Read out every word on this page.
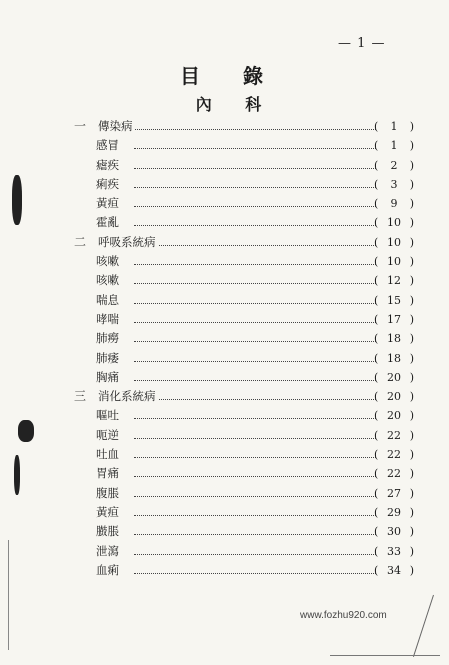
— 1 —
目 錄
內 科
一	傳染病	( 1 )
感冒	( 1 )
瘧疾	( 2 )
痢疾	( 3 )
黃疸	( 9 )
霍亂	( 10 )
二	呼吸系統病	( 10 )
咳嗽	( 10 )
咳嗽	( 12 )
喘息	( 15 )
哮喘	( 17 )
肺癆	( 18 )
肺痿	( 18 )
胸痛	( 20 )
三	消化系統病	( 20 )
嘔吐	( 20 )
呃逆	( 22 )
吐血	( 22 )
胃痛	( 22 )
腹脹	( 27 )
黃疸	( 29 )
臌脹	( 30 )
泄瀉	( 33 )
血痢	( 34 )
www.fozhu920.com
